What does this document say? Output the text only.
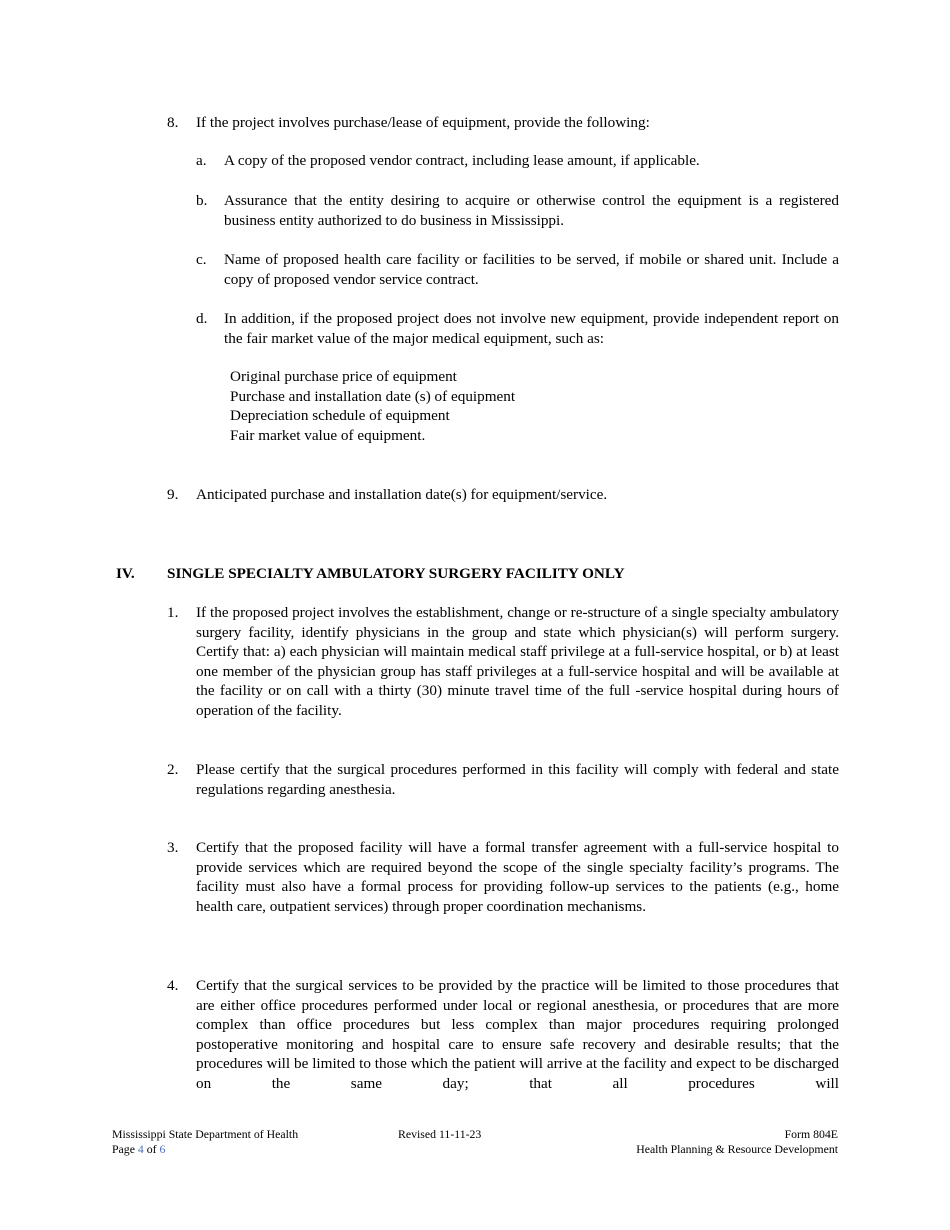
8. If the project involves purchase/lease of equipment, provide the following:
a. A copy of the proposed vendor contract, including lease amount, if applicable.
b. Assurance that the entity desiring to acquire or otherwise control the equipment is a registered business entity authorized to do business in Mississippi.
c. Name of proposed health care facility or facilities to be served, if mobile or shared unit. Include a copy of proposed vendor service contract.
d. In addition, if the proposed project does not involve new equipment, provide independent report on the fair market value of the major medical equipment, such as:
Original purchase price of equipment
Purchase and installation date (s) of equipment
Depreciation schedule of equipment
Fair market value of equipment.
9. Anticipated purchase and installation date(s) for equipment/service.
IV. SINGLE SPECIALTY AMBULATORY SURGERY FACILITY ONLY
1. If the proposed project involves the establishment, change or re-structure of a single specialty ambulatory surgery facility, identify physicians in the group and state which physician(s) will perform surgery. Certify that: a) each physician will maintain medical staff privilege at a full-service hospital, or b) at least one member of the physician group has staff privileges at a full-service hospital and will be available at the facility or on call with a thirty (30) minute travel time of the full -service hospital during hours of operation of the facility.
2. Please certify that the surgical procedures performed in this facility will comply with federal and state regulations regarding anesthesia.
3. Certify that the proposed facility will have a formal transfer agreement with a full-service hospital to provide services which are required beyond the scope of the single specialty facility’s programs. The facility must also have a formal process for providing follow-up services to the patients (e.g., home health care, outpatient services) through proper coordination mechanisms.
4. Certify that the surgical services to be provided by the practice will be limited to those procedures that are either office procedures performed under local or regional anesthesia, or procedures that are more complex than office procedures but less complex than major procedures requiring prolonged postoperative monitoring and hospital care to ensure safe recovery and desirable results; that the procedures will be limited to those which the patient will arrive at the facility and expect to be discharged on the same day; that all procedures will
Mississippi State Department of Health
Page 4 of 6
Revised 11-11-23	Form 804E
Health Planning & Resource Development
